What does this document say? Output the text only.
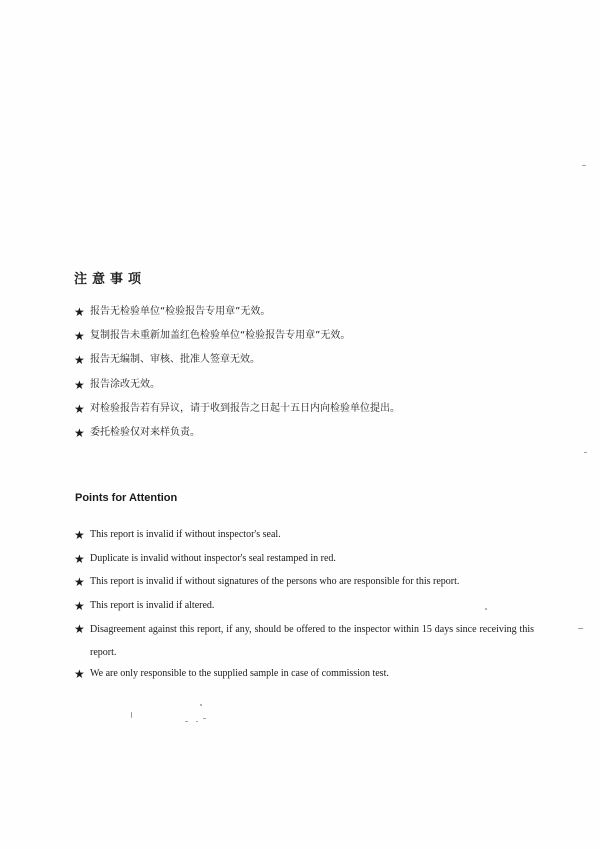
注意事项
★ 报告无检验单位“检验报告专用章”无效。
★ 复制报告未重新加盖红色检验单位“检验报告专用章”无效。
★ 报告无编制、审核、批准人签章无效。
★ 报告涂改无效。
★ 对检验报告若有异议，请于收到报告之日起十五日内向检验单位提出。
★ 委托检验仅对来样负责。
Points for Attention
★ This report is invalid if without inspector's seal.
★ Duplicate is invalid without inspector's seal restamped in red.
★ This report is invalid if without signatures of the persons who are responsible for this report.
★ This report is invalid if altered.
★ Disagreement against this report, if any, should be offered to the inspector within 15 days since receiving this report.
★ We are only responsible to the supplied sample in case of commission test.
